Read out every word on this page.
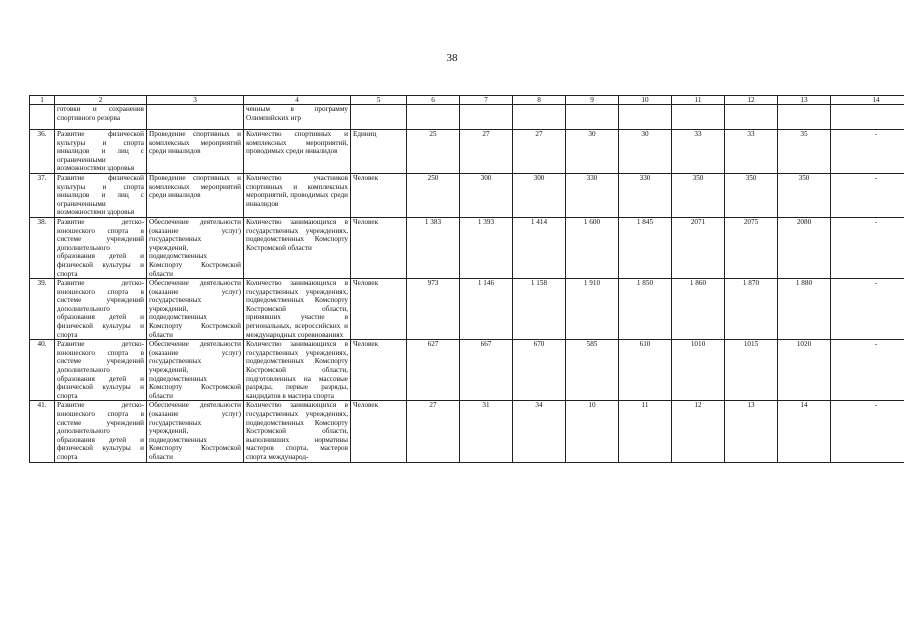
38
1	2	3	4	5	6	7	8	9	10	11	12	13	14
	готовки и сохранения спортивного резерва		ченным в программу Олимпийских игр										
36.	Развитие физической культуры и спорта инвалидов и лиц с ограниченными возможностями здоровья	Проведение спортивных и комплексных мероприятий среди инвалидов	Количество спортивных и комплексных мероприятий, проводимых среди инвалидов	Единиц	25	27	27	30	30	33	33	35	-
37.	Развитие физической культуры и спорта инвалидов и лиц с ограниченными возможностями здоровья	Проведение спортивных и комплексных мероприятий среди инвалидов	Количество участников спортивных и комплексных мероприятий, проводимых среди инвалидов	Человек	250	300	300	330	330	350	350	350	-
38.	Развитие детско-юношеского спорта в системе учреждений дополнительного образования детей и физической культуры и спорта	Обеспечение деятельности (оказание услуг) государственных учреждений, подведомственных Комспорту Костромской области	Количество занимающихся в государственных учреждениях, подведомственных Комспорту Костромской области	Человек	1 383	1 393	1 414	1 600	1 845	2071	2075	2080	-
39.	Развитие детско-юношеского спорта в системе учреждений дополнительного образования детей и физической культуры и спорта	Обеспечение деятельности (оказание услуг) государственных учреждений, подведомственных Комспорту Костромской области	Количество занимающихся в государственных учреждениях, подведомственных Комспорту Костромской области, принявших участие в региональных, всероссийских и международных соревнованиях	Человек	973	1 146	1 158	1 910	1 850	1 860	1 870	1 880	-
40.	Развитие детско-юношеского спорта в системе учреждений дополнительного образования детей и физической культуры и спорта	Обеспечение деятельности (оказание услуг) государственных учреждений, подведомственных Комспорту Костромской области	Количество занимающихся в государственных учреждениях, подведомственных Комспорту Костромской области, подготовленных на массовые разряды, первые разряды, кандидатов в мастера спорта	Человек	627	667	670	585	610	1010	1015	1020	-
41.	Развитие детско-юношеского спорта в системе учреждений дополнительного образования детей и физической культуры и спорта	Обеспечение деятельности (оказание услуг) государственных учреждений, подведомственных Комспорту Костромской области	Количество занимающихся в государственных учреждениях, подведомственных Комспорту Костромской области, выполнивших нормативы мастеров спорта, мастеров спорта международ-	Человек	27	31	34	10	11	12	13	14	-
